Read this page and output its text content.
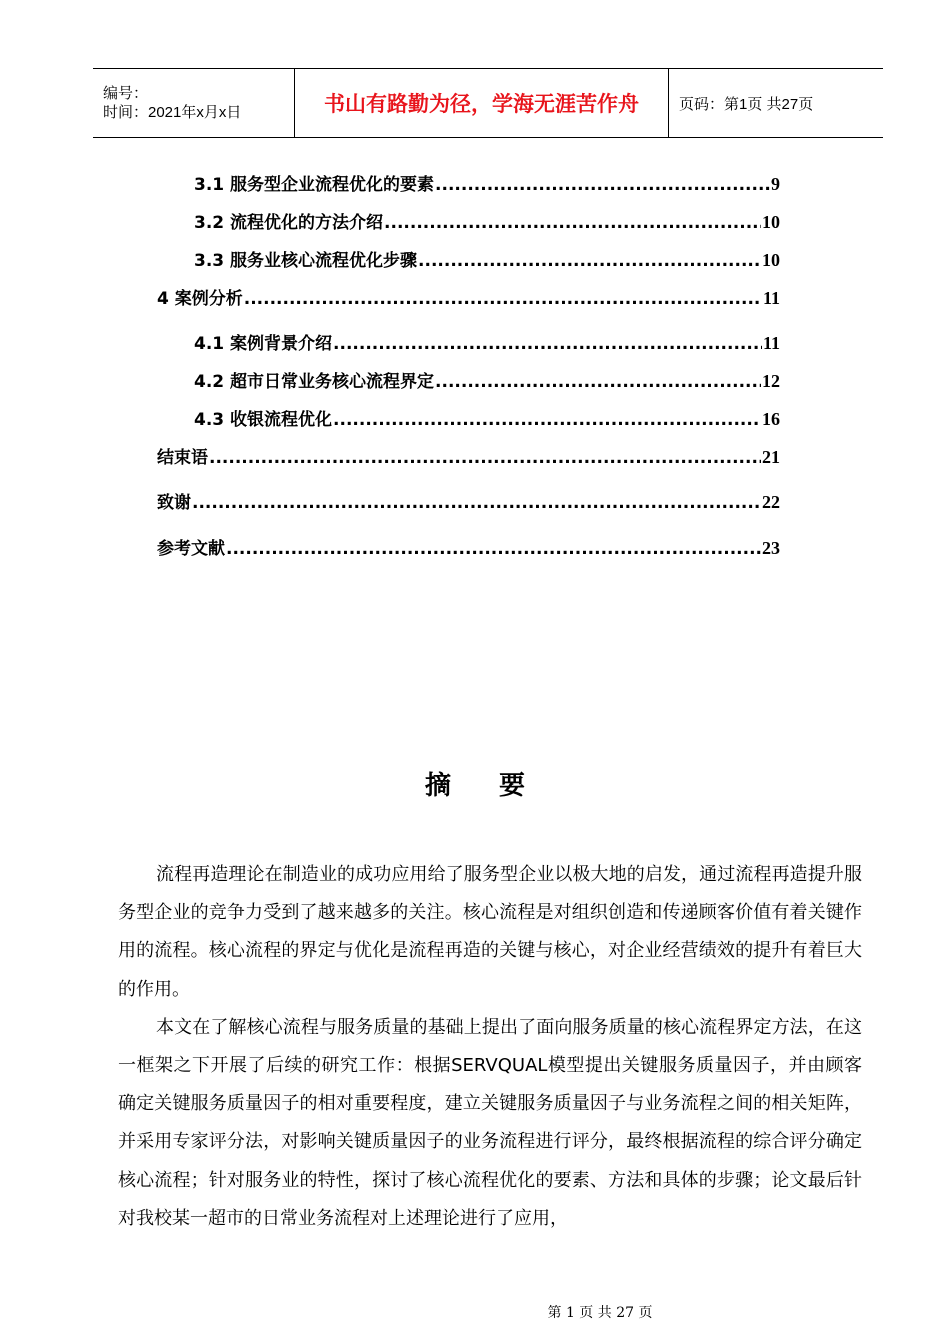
编号：
时间：2021年x月x日	书山有路勤为径，学海无涯苦作舟	页码：第1页 共27页
3.1 服务型企业流程优化的要素 .....	9
3.2 流程优化的方法介绍 .....	10
3.3 服务业核心流程优化步骤 .....	10
4 案例分析 .....	11
4.1 案例背景介绍 .....	11
4.2 超市日常业务核心流程界定 .....	12
4.3 收银流程优化 .....	16
结束语 .....	21
致谢 .....	22
参考文献 .....	23
摘 要

流程再造理论在制造业的成功应用给了服务型企业以极大地的启发，通过流程再造提升服务型企业的竞争力受到了越来越多的关注。核心流程是对组织创造和传递顾客价值有着关键作用的流程。核心流程的界定与优化是流程再造的关键与核心，对企业经营绩效的提升有着巨大的作用。

本文在了解核心流程与服务质量的基础上提出了面向服务质量的核心流程界定方法，在这一框架之下开展了后续的研究工作：根据SERVQUAL模型提出关键服务质量因子，并由顾客确定关键服务质量因子的相对重要程度，建立关键服务质量因子与业务流程之间的相关矩阵，并采用专家评分法，对影响关键质量因子的业务流程进行评分，最终根据流程的综合评分确定核心流程；针对服务业的特性，探讨了核心流程优化的要素、方法和具体的步骤；论文最后针对我校某一超市的日常业务流程对上述理论进行了应用，

第 1 页 共 27 页
